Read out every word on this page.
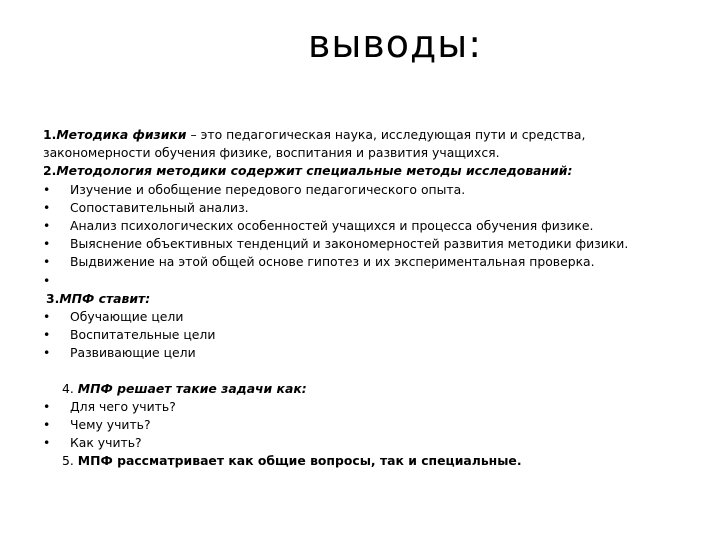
выводы:
1.Методика физики – это педагогическая наука, исследующая пути и средства, закономерности обучения физике, воспитания и развития учащихся.
2.Методология методики содержит специальные методы исследований:
• Изучение и обобщение передового педагогического опыта.
• Сопоставительный анализ.
• Анализ психологических особенностей учащихся и процесса обучения физике.
• Выяснение объективных тенденций и закономерностей развития методики физики.
• Выдвижение на этой общей основе гипотез и их экспериментальная проверка.
•
3.МПФ ставит:
• Обучающие цели
• Воспитательные цели
• Развивающие цели
4. МПФ решает такие задачи как:
• Для чего учить?
• Чему учить?
• Как учить?
5. МПФ рассматривает как общие вопросы, так и специальные.
